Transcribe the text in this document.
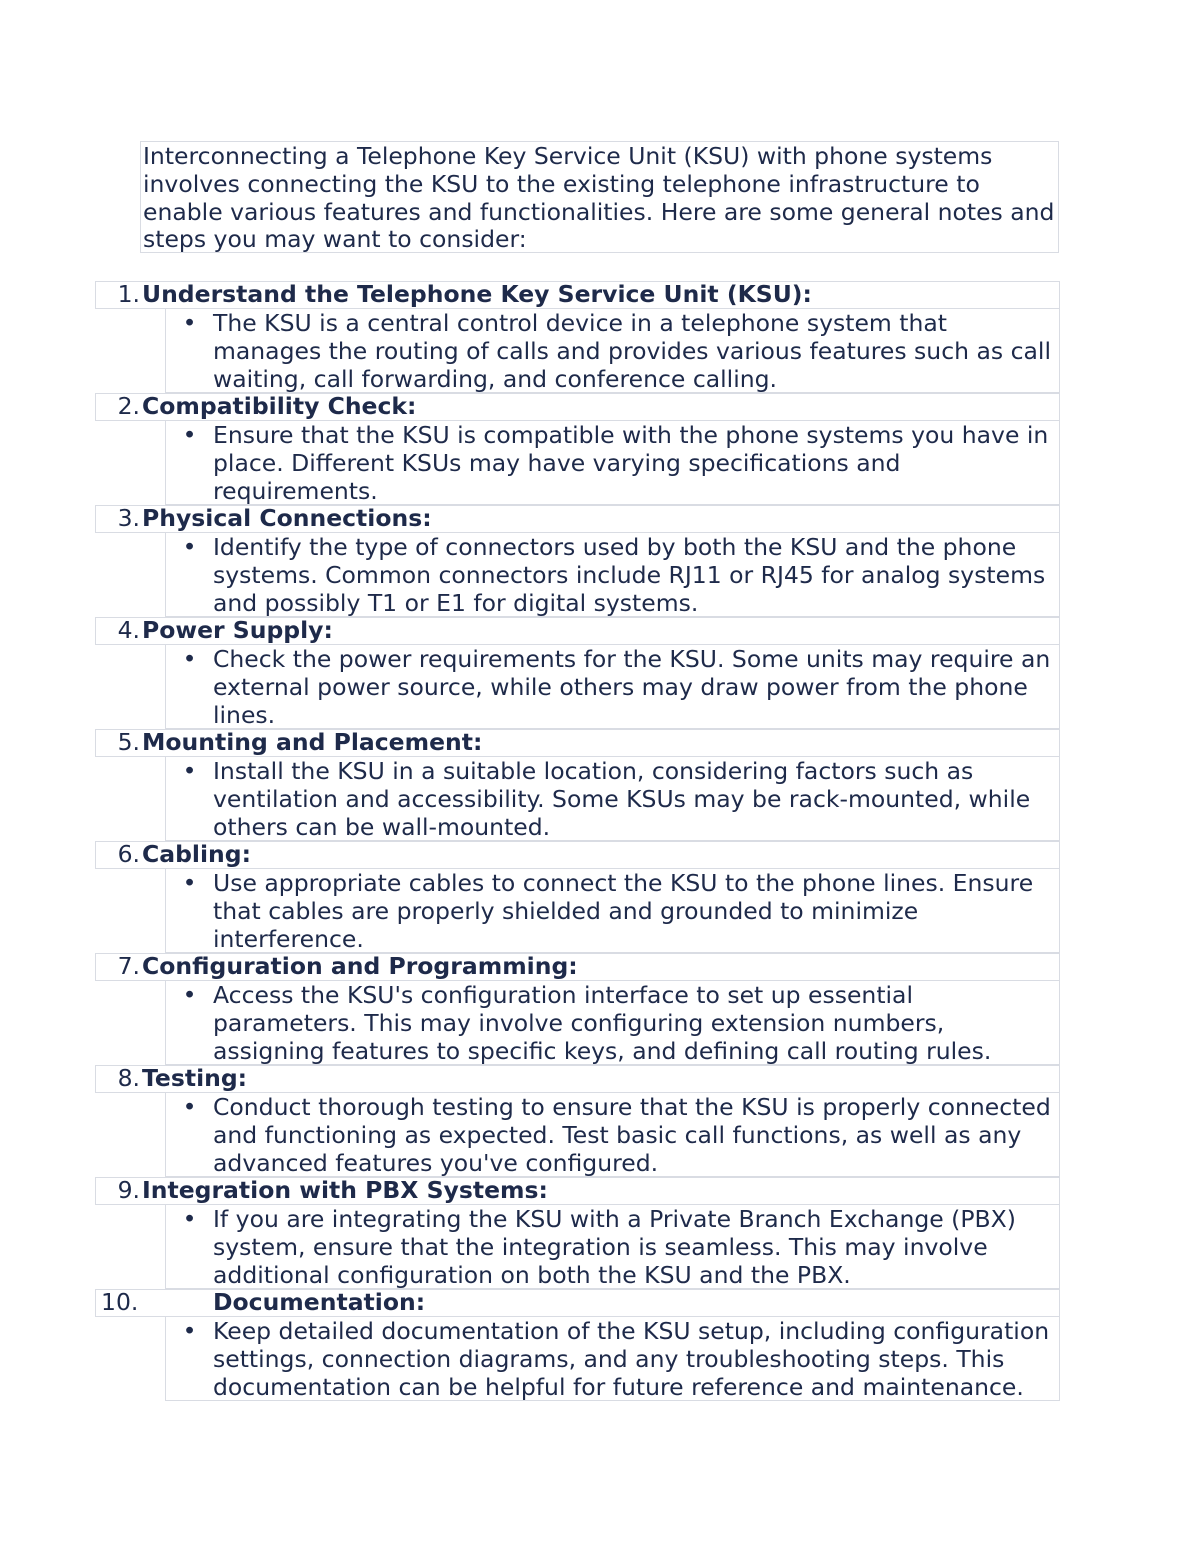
Interconnecting a Telephone Key Service Unit (KSU) with phone systems involves connecting the KSU to the existing telephone infrastructure to enable various features and functionalities. Here are some general notes and steps you may want to consider:

1. Understand the Telephone Key Service Unit (KSU):
• The KSU is a central control device in a telephone system that manages the routing of calls and provides various features such as call waiting, call forwarding, and conference calling.

2. Compatibility Check:
• Ensure that the KSU is compatible with the phone systems you have in place. Different KSUs may have varying specifications and requirements.

3. Physical Connections:
• Identify the type of connectors used by both the KSU and the phone systems. Common connectors include RJ11 or RJ45 for analog systems and possibly T1 or E1 for digital systems.

4. Power Supply:
• Check the power requirements for the KSU. Some units may require an external power source, while others may draw power from the phone lines.

5. Mounting and Placement:
• Install the KSU in a suitable location, considering factors such as ventilation and accessibility. Some KSUs may be rack-mounted, while others can be wall-mounted.

6. Cabling:
• Use appropriate cables to connect the KSU to the phone lines. Ensure that cables are properly shielded and grounded to minimize interference.

7. Configuration and Programming:
• Access the KSU's configuration interface to set up essential parameters. This may involve configuring extension numbers, assigning features to specific keys, and defining call routing rules.

8. Testing:
• Conduct thorough testing to ensure that the KSU is properly connected and functioning as expected. Test basic call functions, as well as any advanced features you've configured.

9. Integration with PBX Systems:
• If you are integrating the KSU with a Private Branch Exchange (PBX) system, ensure that the integration is seamless. This may involve additional configuration on both the KSU and the PBX.

10.	Documentation:
• Keep detailed documentation of the KSU setup, including configuration settings, connection diagrams, and any troubleshooting steps. This documentation can be helpful for future reference and maintenance.
